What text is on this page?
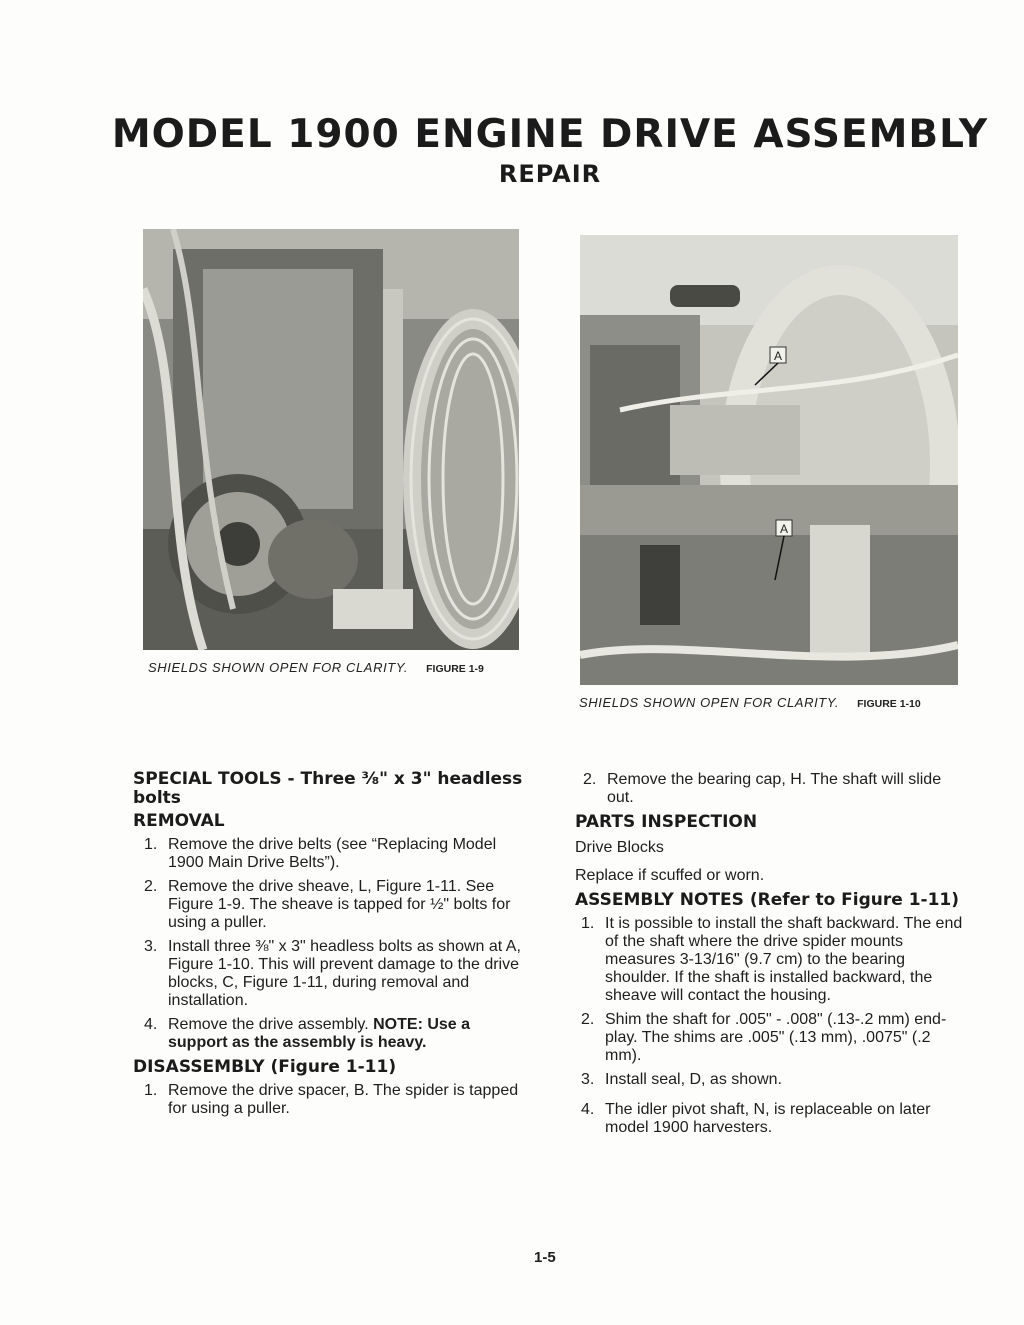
MODEL 1900 ENGINE DRIVE ASSEMBLY
REPAIR
SHIELDS SHOWN OPEN FOR CLARITY. FIGURE 1-9
A
A
SHIELDS SHOWN OPEN FOR CLARITY. FIGURE 1-10
SPECIAL TOOLS - Three ⅜" x 3" headless bolts
REMOVAL
1. Remove the drive belts (see “Replacing Model 1900 Main Drive Belts”).
2. Remove the drive sheave, L, Figure 1-11. See Figure 1-9. The sheave is tapped for ½" bolts for using a puller.
3. Install three ⅜" x 3" headless bolts as shown at A, Figure 1-10. This will prevent damage to the drive blocks, C, Figure 1-11, during removal and installation.
4. Remove the drive assembly. NOTE: Use a support as the assembly is heavy.
DISASSEMBLY (Figure 1-11)
1. Remove the drive spacer, B. The spider is tapped for using a puller.
2. Remove the bearing cap, H. The shaft will slide out.
PARTS INSPECTION
Drive Blocks
Replace if scuffed or worn.
ASSEMBLY NOTES (Refer to Figure 1-11)
1. It is possible to install the shaft backward. The end of the shaft where the drive spider mounts measures 3-13/16" (9.7 cm) to the bearing shoulder. If the shaft is installed backward, the sheave will contact the housing.
2. Shim the shaft for .005" - .008" (.13-.2 mm) end-play. The shims are .005" (.13 mm), .0075" (.2 mm).
3. Install seal, D, as shown.
4. The idler pivot shaft, N, is replaceable on later model 1900 harvesters.
1-5
